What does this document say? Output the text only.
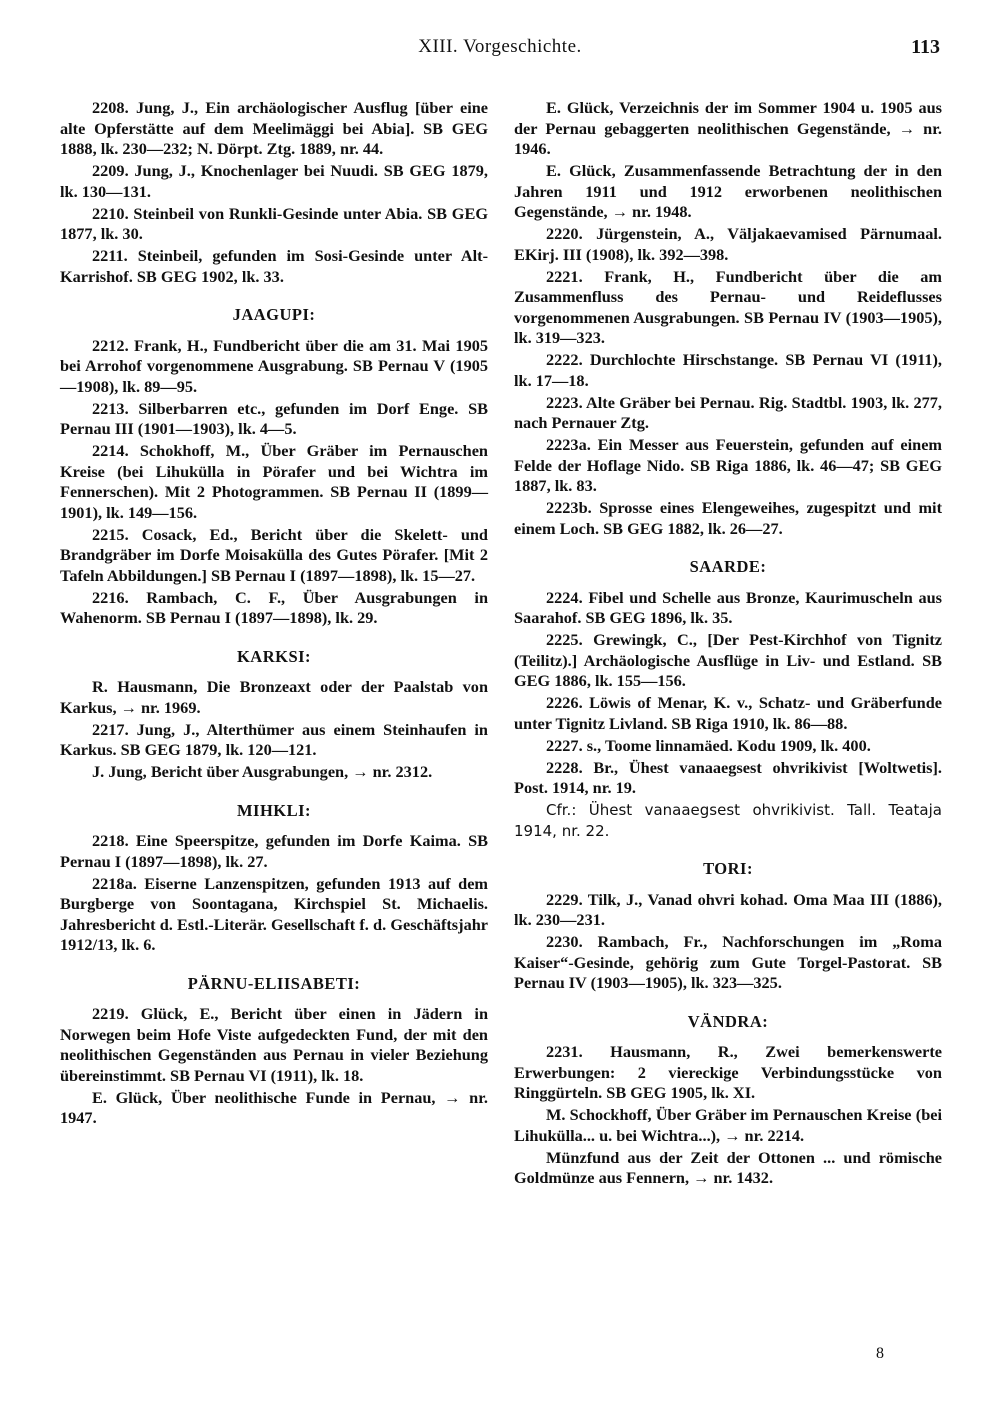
XIII. Vorgeschichte.	113

2208. Jung, J., Ein archäologischer Ausflug [über eine alte Opferstätte auf dem Meelimäggi bei Abia]. SB GEG 1888, lk. 230—232; N. Dörpt. Ztg. 1889, nr. 44.

2209. Jung, J., Knochenlager bei Nuudi. SB GEG 1879, lk. 130—131.

2210. Steinbeil von Runkli-Gesinde unter Abia. SB GEG 1877, lk. 30.

2211. Steinbeil, gefunden im Sosi-Gesinde unter Alt-Karrishof. SB GEG 1902, lk. 33.

JAAGUPI:

2212. Frank, H., Fundbericht über die am 31. Mai 1905 bei Arrohof vorgenommene Ausgrabung. SB Pernau V (1905—1908), lk. 89—95.

2213. Silberbarren etc., gefunden im Dorf Enge. SB Pernau III (1901—1903), lk. 4—5.

2214. Schokhoff, M., Über Gräber im Pernauschen Kreise (bei Lihuküllа in Pörafer und bei Wichtra im Fennerschen). Mit 2 Photogrammen. SB Pernau II (1899—1901), lk. 149—156.

2215. Cosack, Ed., Bericht über die Skelett- und Brandgräber im Dorfe Moisaküllа des Gutes Pörafer. [Mit 2 Tafeln Abbildungen.] SB Pernau I (1897—1898), lk. 15—27.

2216. Rambach, C. F., Über Ausgrabungen in Wahenorm. SB Pernau I (1897—1898), lk. 29.

KARKSI:

R. Hausmann, Die Bronzeaxt oder der Paalstab von Karkus, → nr. 1969.

2217. Jung, J., Alterthümer aus einem Steinhaufen in Karkus. SB GEG 1879, lk. 120—121.

J. Jung, Bericht über Ausgrabungen, → nr. 2312.

MIHKLI:

2218. Eine Speerspitze, gefunden im Dorfe Kaima. SB Pernau I (1897—1898), lk. 27.

2218a. Eiserne Lanzenspitzen, gefunden 1913 auf dem Burgberge von Soontagana, Kirchspiel St. Michaelis. Jahresbericht d. Estl.-Literär. Gesellschaft f. d. Geschäftsjahr 1912/13, lk. 6.

PÄRNU-ELIISABETI:

2219. Glück, E., Bericht über einen in Jädern in Norwegen beim Hofe Viste aufgedeckten Fund, der mit den neolithischen Gegenständen aus Pernau in vieler Beziehung übereinstimmt. SB Pernau VI (1911), lk. 18.

E. Glück, Über neolithische Funde in Pernau, → nr. 1947.

E. Glück, Verzeichnis der im Sommer 1904 u. 1905 aus der Pernau gebaggerten neolithischen Gegenstände, → nr. 1946.

E. Glück, Zusammenfassende Betrachtung der in den Jahren 1911 und 1912 erworbenen neolithischen Gegenstände, → nr. 1948.

2220. Jürgenstein, A., Väljakaevamised Pärnumaal. EKirj. III (1908), lk. 392—398.

2221. Frank, H., Fundbericht über die am Zusammenfluss des Pernau- und Reideflusses vorgenommenen Ausgrabungen. SB Pernau IV (1903—1905), lk. 319—323.

2222. Durchlochte Hirschstange. SB Pernau VI (1911), lk. 17—18.

2223. Alte Gräber bei Pernau. Rig. Stadtbl. 1903, lk. 277, nach Pernauer Ztg.

2223a. Ein Messer aus Feuerstein, gefunden auf einem Felde der Hoflage Nido. SB Riga 1886, lk. 46—47; SB GEG 1887, lk. 83.

2223b. Sprosse eines Elengeweihes, zugespitzt und mit einem Loch. SB GEG 1882, lk. 26—27.

SAARDE:

2224. Fibel und Schelle aus Bronze, Kaurimuscheln aus Saarahof. SB GEG 1896, lk. 35.

2225. Grewingk, C., [Der Pest-Kirchhof von Tignitz (Teilitz).] Archäologische Ausflüge in Liv- und Estland. SB GEG 1886, lk. 155—156.

2226. Löwis of Menar, K. v., Schatz- und Gräberfunde unter Tignitz Livland. SB Riga 1910, lk. 86—88.

2227. s., Toome linnamäed. Kodu 1909, lk. 400.

2228. Br., Ühest vanaaegsest ohvrikivist [Woltwetis]. Post. 1914, nr. 19.

Cfr.: Ühest vanaaegsest ohvrikivist. Tall. Teataja 1914, nr. 22.

TORI:

2229. Tilk, J., Vanad ohvri kohad. Oma Maa III (1886), lk. 230—231.

2230. Rambach, Fr., Nachforschungen im „Roma Kaiser“-Gesinde, gehörig zum Gute Torgel-Pastorat. SB Pernau IV (1903—1905), lk. 323—325.

VÄNDRA:

2231. Hausmann, R., Zwei bemerkenswerte Erwerbungen: 2 viereckige Verbindungsstücke von Ringgürteln. SB GEG 1905, lk. XI.

M. Schockhoff, Über Gräber im Pernauschen Kreise (bei Lihuküllа... u. bei Wichtra...), → nr. 2214.

Münzfund aus der Zeit der Ottonen ... und römische Goldmünze aus Fennern, → nr. 1432.

8
